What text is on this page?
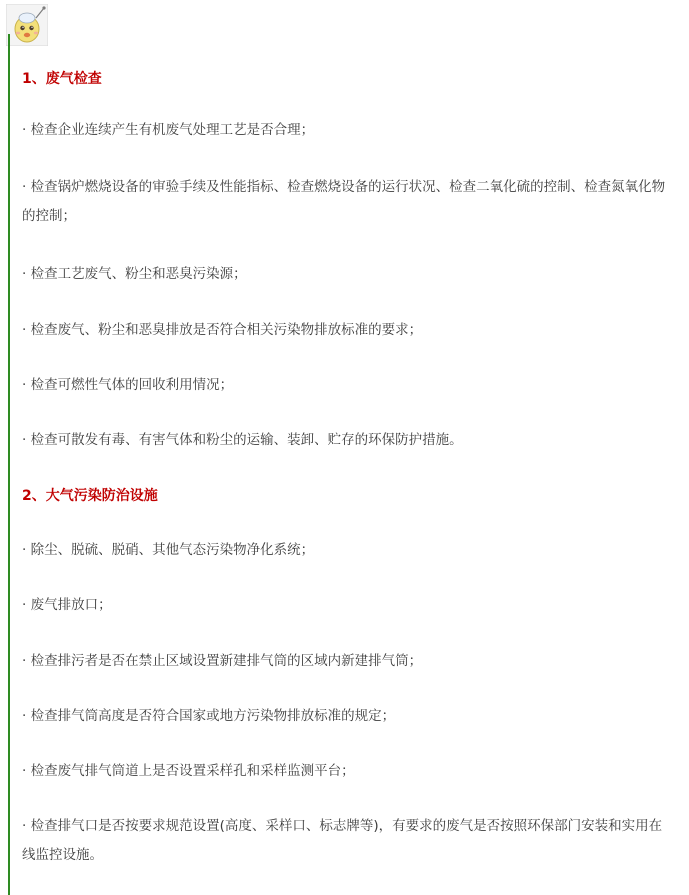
1、废气检查
· 检查企业连续产生有机废气处理工艺是否合理；
· 检查锅炉燃烧设备的审验手续及性能指标、检查燃烧设备的运行状况、检查二氧化硫的控制、检查氮氧化物的控制；
· 检查工艺废气、粉尘和恶臭污染源；
· 检查废气、粉尘和恶臭排放是否符合相关污染物排放标准的要求；
· 检查可燃性气体的回收利用情况；
· 检查可散发有毒、有害气体和粉尘的运输、装卸、贮存的环保防护措施。
2、大气污染防治设施
· 除尘、脱硫、脱硝、其他气态污染物净化系统；
· 废气排放口；
· 检查排污者是否在禁止区域设置新建排气筒的区域内新建排气筒；
· 检查排气筒高度是否符合国家或地方污染物排放标准的规定；
· 检查废气排气筒道上是否设置采样孔和采样监测平台；
· 检查排气口是否按要求规范设置(高度、采样口、标志牌等)，有要求的废气是否按照环保部门安装和实用在线监控设施。
